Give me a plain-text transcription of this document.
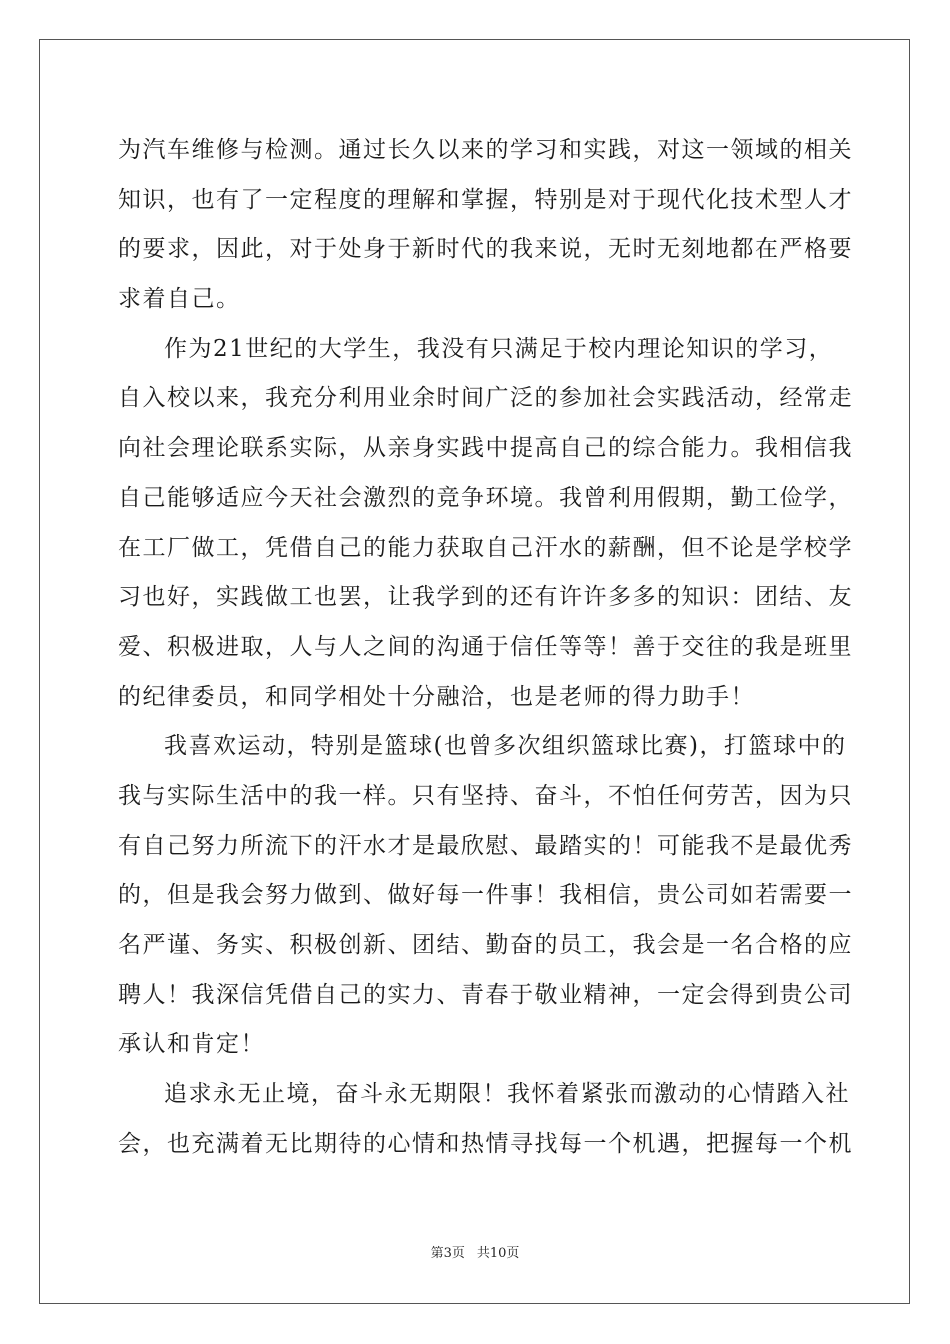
为汽车维修与检测。通过长久以来的学习和实践，对这一领域的相关
知识，也有了一定程度的理解和掌握，特别是对于现代化技术型人才
的要求，因此，对于处身于新时代的我来说，无时无刻地都在严格要
求着自己。
作为21世纪的大学生，我没有只满足于校内理论知识的学习，
自入校以来，我充分利用业余时间广泛的参加社会实践活动，经常走
向社会理论联系实际，从亲身实践中提高自己的综合能力。我相信我
自己能够适应今天社会激烈的竞争环境。我曾利用假期，勤工俭学，
在工厂做工，凭借自己的能力获取自己汗水的薪酬，但不论是学校学
习也好，实践做工也罢，让我学到的还有许许多多的知识：团结、友
爱、积极进取，人与人之间的沟通于信任等等！善于交往的我是班里
的纪律委员，和同学相处十分融洽，也是老师的得力助手！
我喜欢运动，特别是篮球(也曾多次组织篮球比赛)，打篮球中的
我与实际生活中的我一样。只有坚持、奋斗，不怕任何劳苦，因为只
有自己努力所流下的汗水才是最欣慰、最踏实的！可能我不是最优秀
的，但是我会努力做到、做好每一件事！我相信，贵公司如若需要一
名严谨、务实、积极创新、团结、勤奋的员工，我会是一名合格的应
聘人！我深信凭借自己的实力、青春于敬业精神，一定会得到贵公司
承认和肯定！
追求永无止境，奋斗永无期限！我怀着紧张而激动的心情踏入社
会，也充满着无比期待的心情和热情寻找每一个机遇，把握每一个机
第3页 共10页
